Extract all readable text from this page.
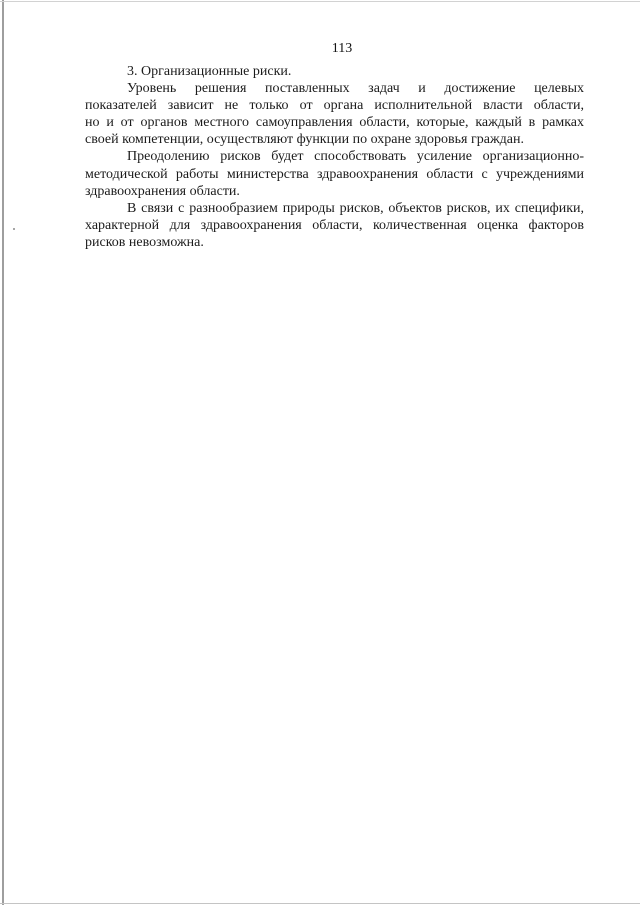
113
3. Организационные риски.
Уровень решения поставленных задач и достижение целевых
показателей зависит не только от органа исполнительной власти области,
но и от органов местного самоуправления области, которые, каждый в рамках
своей компетенции, осуществляют функции по охране здоровья граждан.
Преодолению рисков будет способствовать усиление организационно-
методической работы министерства здравоохранения области с учреждениями
здравоохранения области.
В связи с разнообразием природы рисков, объектов рисков, их специфики,
характерной для здравоохранения области, количественная оценка факторов
рисков невозможна.
